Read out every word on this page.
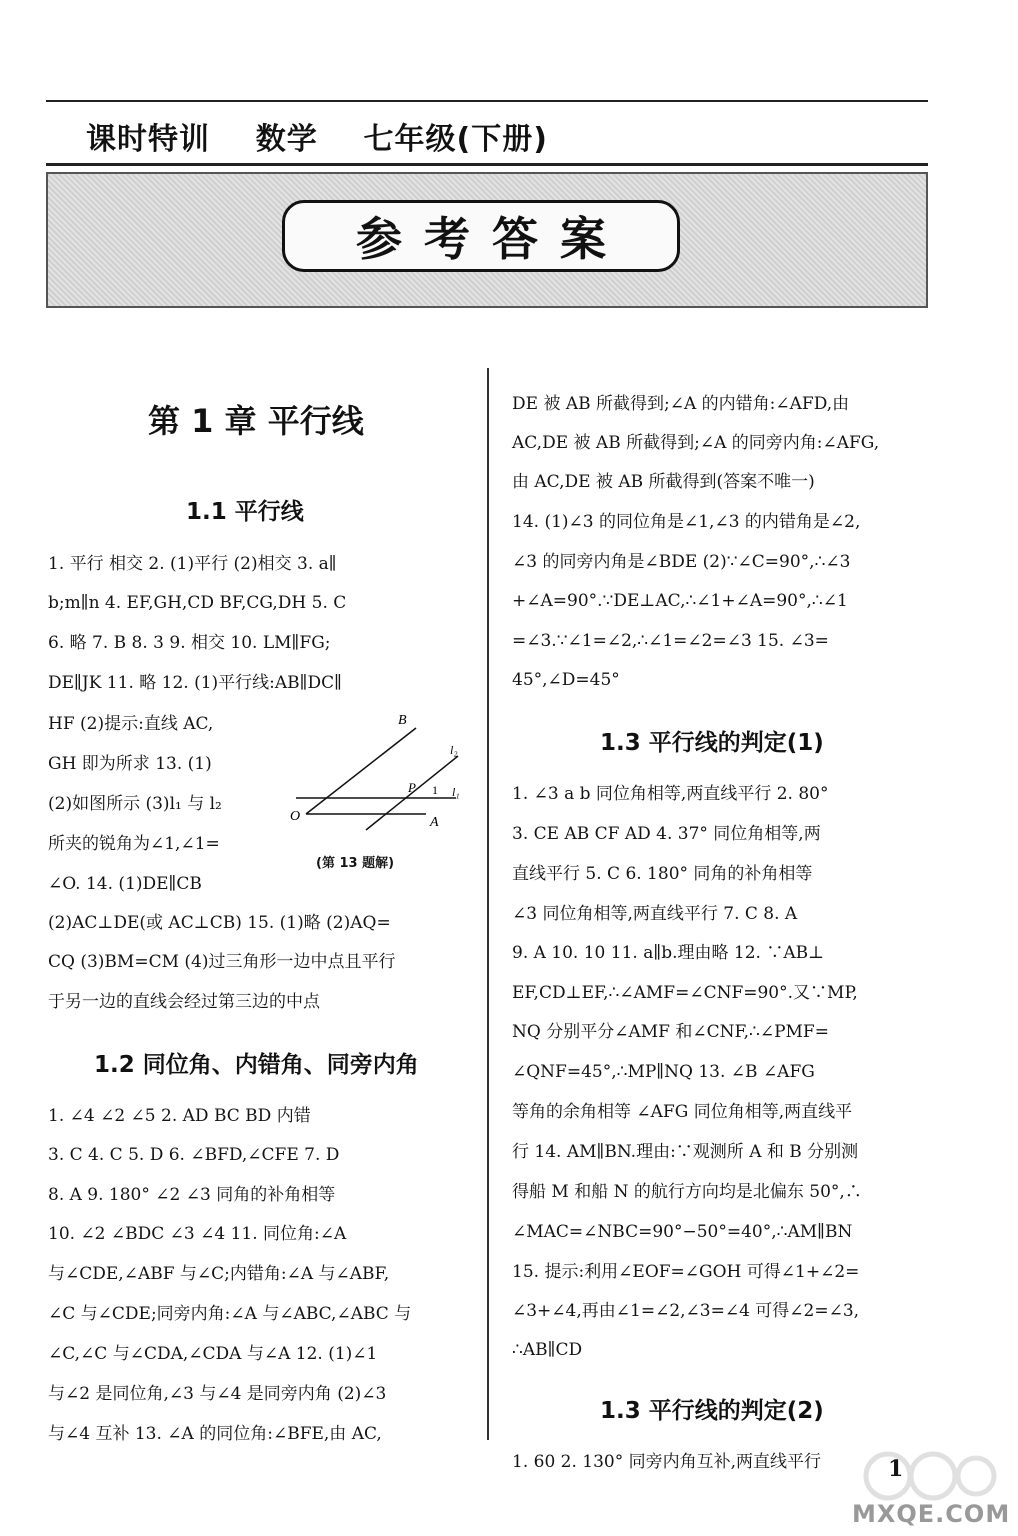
课时特训    数学    七年级(下册)
参考答案
第 1 章 平行线
1.1 平行线
1. 平行 相交 2. (1)平行 (2)相交 3. a∥
b;m∥n 4. EF,GH,CD BF,CG,DH 5. C
6. 略 7. B 8. 3 9. 相交 10. LM∥FG;
DE∥JK 11. 略 12. (1)平行线:AB∥DC∥
HF (2)提示:直线 AC,
GH 即为所求 13. (1)
(2)如图所示 (3)l₁ 与 l₂
所夹的锐角为∠1,∠1=
∠O. 14. (1)DE∥CB
(2)AC⊥DE(或 AC⊥CB) 15. (1)略 (2)AQ=
CQ (3)BM=CM (4)过三角形一边中点且平行
于另一边的直线会经过第三边的中点
1.2 同位角、内错角、同旁内角
1. ∠4 ∠2 ∠5 2. AD BC BD 内错
3. C 4. C 5. D 6. ∠BFD,∠CFE 7. D
8. A 9. 180° ∠2 ∠3 同角的补角相等
10. ∠2 ∠BDC ∠3 ∠4 11. 同位角:∠A
与∠CDE,∠ABF 与∠C;内错角:∠A 与∠ABF,
∠C 与∠CDE;同旁内角:∠A 与∠ABC,∠ABC 与
∠C,∠C 与∠CDA,∠CDA 与∠A 12. (1)∠1
与∠2 是同位角,∠3 与∠4 是同旁内角 (2)∠3
与∠4 互补 13. ∠A 的同位角:∠BFE,由 AC,
B
l₂
P 1 l₁
O	A
(第 13 题解)
DE 被 AB 所截得到;∠A 的内错角:∠AFD,由
AC,DE 被 AB 所截得到;∠A 的同旁内角:∠AFG,
由 AC,DE 被 AB 所截得到(答案不唯一)
14. (1)∠3 的同位角是∠1,∠3 的内错角是∠2,
∠3 的同旁内角是∠BDE (2)∵∠C=90°,∴∠3
+∠A=90°.∵DE⊥AC,∴∠1+∠A=90°,∴∠1
=∠3.∵∠1=∠2,∴∠1=∠2=∠3 15. ∠3=
45°,∠D=45°
1.3 平行线的判定(1)
1. ∠3 a b 同位角相等,两直线平行 2. 80°
3. CE AB CF AD 4. 37° 同位角相等,两
直线平行 5. C 6. 180° 同角的补角相等
∠3 同位角相等,两直线平行 7. C 8. A
9. A 10. 10 11. a∥b.理由略 12. ∵AB⊥
EF,CD⊥EF,∴∠AMF=∠CNF=90°.又∵MP,
NQ 分别平分∠AMF 和∠CNF,∴∠PMF=
∠QNF=45°,∴MP∥NQ 13. ∠B ∠AFG
等角的余角相等 ∠AFG 同位角相等,两直线平
行 14. AM∥BN.理由:∵观测所 A 和 B 分别测
得船 M 和船 N 的航行方向均是北偏东 50°,∴
∠MAC=∠NBC=90°−50°=40°,∴AM∥BN
15. 提示:利用∠EOF=∠GOH 可得∠1+∠2=
∠3+∠4,再由∠1=∠2,∠3=∠4 可得∠2=∠3,
∴AB∥CD
1.3 平行线的判定(2)
1. 60 2. 130° 同旁内角互补,两直线平行	1
MXQE.COM
